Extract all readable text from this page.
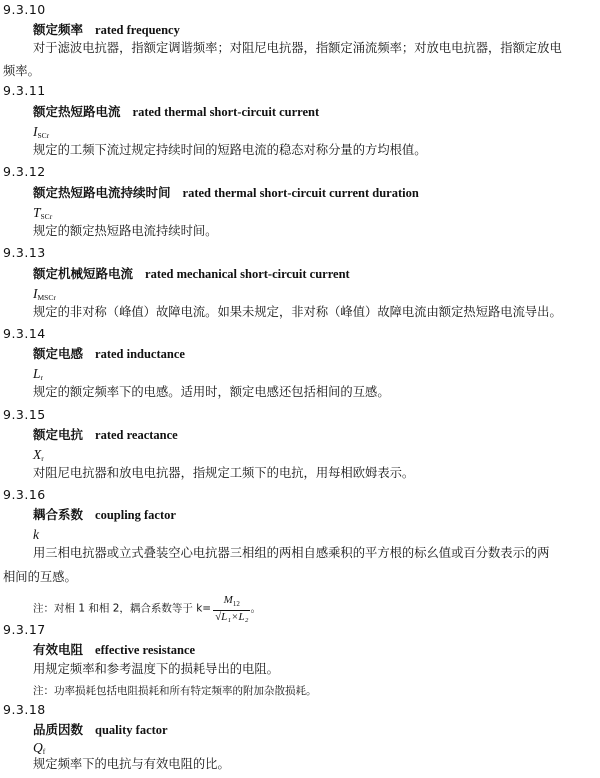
9.3.10
额定频率 rated frequency
对于滤波电抗器，指额定调谐频率；对阻尼电抗器，指额定涌流频率；对放电电抗器，指额定放电
频率。
9.3.11
额定热短路电流 rated thermal short-circuit current
$I_{SCr}$
规定的工频下流过规定持续时间的短路电流的稳态对称分量的方均根值。
9.3.12
额定热短路电流持续时间 rated thermal short-circuit current duration
$T_{SCr}$
规定的额定热短路电流持续时间。
9.3.13
额定机械短路电流 rated mechanical short-circuit current
$I_{MSCr}$
规定的非对称（峰值）故障电流。如果未规定，非对称（峰值）故障电流由额定热短路电流导出。
9.3.14
额定电感 rated inductance
$L_r$
规定的额定频率下的电感。适用时，额定电感还包括相间的互感。
9.3.15
额定电抗 rated reactance
$X_r$
对阻尼电抗器和放电电抗器，指规定工频下的电抗，用每相欧姆表示。
9.3.16
耦合系数 coupling factor
k
用三相电抗器或立式叠装空心电抗器三相组的两相自感乘积的平方根的标幺值或百分数表示的两
相间的互感。
注：对相 1 和相 2，耦合系数等于 $k= \frac{M_{12}}{\text{√L₁×L₂}}$ 。
9.3.17
有效电阻 effective resistance
用规定频率和参考温度下的损耗导出的电阻。
注：功率损耗包括电阻损耗和所有特定频率的附加杂散损耗。
9.3.18
品质因数 quality factor
$Q_f$
规定频率下的电抗与有效电阻的比。
